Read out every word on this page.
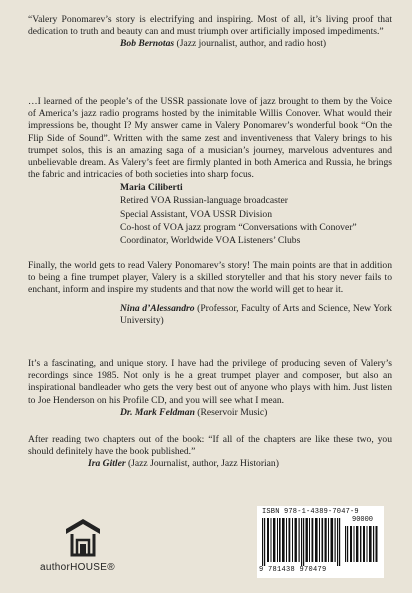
“Valery Ponomarev’s story is electrifying and inspiring. Most of all, it’s living proof that dedication to truth and beauty can and must triumph over artificially imposed impediments.”

Bob Bernotas (Jazz journalist, author, and radio host)

…I learned of the people’s of the USSR passionate love of jazz brought to them by the Voice of America’s jazz radio programs hosted by the inimitable Willis Conover. What would their impressions be, thought I? My answer came in Valery Ponomarev’s wonderful book “On the Flip Side of Sound”. Written with the same zest and inventiveness that Valery brings to his trumpet solos, this is an amazing saga of a musician’s journey, marvelous adventures and unbelievable dream. As Valery’s feet are firmly planted in both America and Russia, he brings the fabric and intricacies of both societies into sharp focus.

Maria Ciliberti
Retired VOA Russian-language broadcaster
Special Assistant, VOA USSR Division
Co-host of VOA jazz program “Conversations with Conover”
Coordinator, Worldwide VOA Listeners’ Clubs

Finally, the world gets to read Valery Ponomarev’s story! The main points are that in addition to being a fine trumpet player, Valery is a skilled storyteller and that his story never fails to enchant, inform and inspire my students and that now the world will get to hear it.

Nina d’Alessandro (Professor, Faculty of Arts and Science, New York University)

It’s a fascinating, and unique story. I have had the privilege of producing seven of Valery’s recordings since 1985. Not only is he a great trumpet player and composer, but also an inspirational bandleader who gets the very best out of anyone who plays with him. Just listen to Joe Henderson on his Profile CD, and you will see what I mean.

Dr. Mark Feldman (Reservoir Music)

After reading two chapters out of the book: “If all of the chapters are like these two, you should definitely have the book published.”

Ira Gitler (Jazz Journalist, author, Jazz Historian)

authorHOUSE®
ISBN 978-1-4389-7047-9
90000
9 781438 970479
